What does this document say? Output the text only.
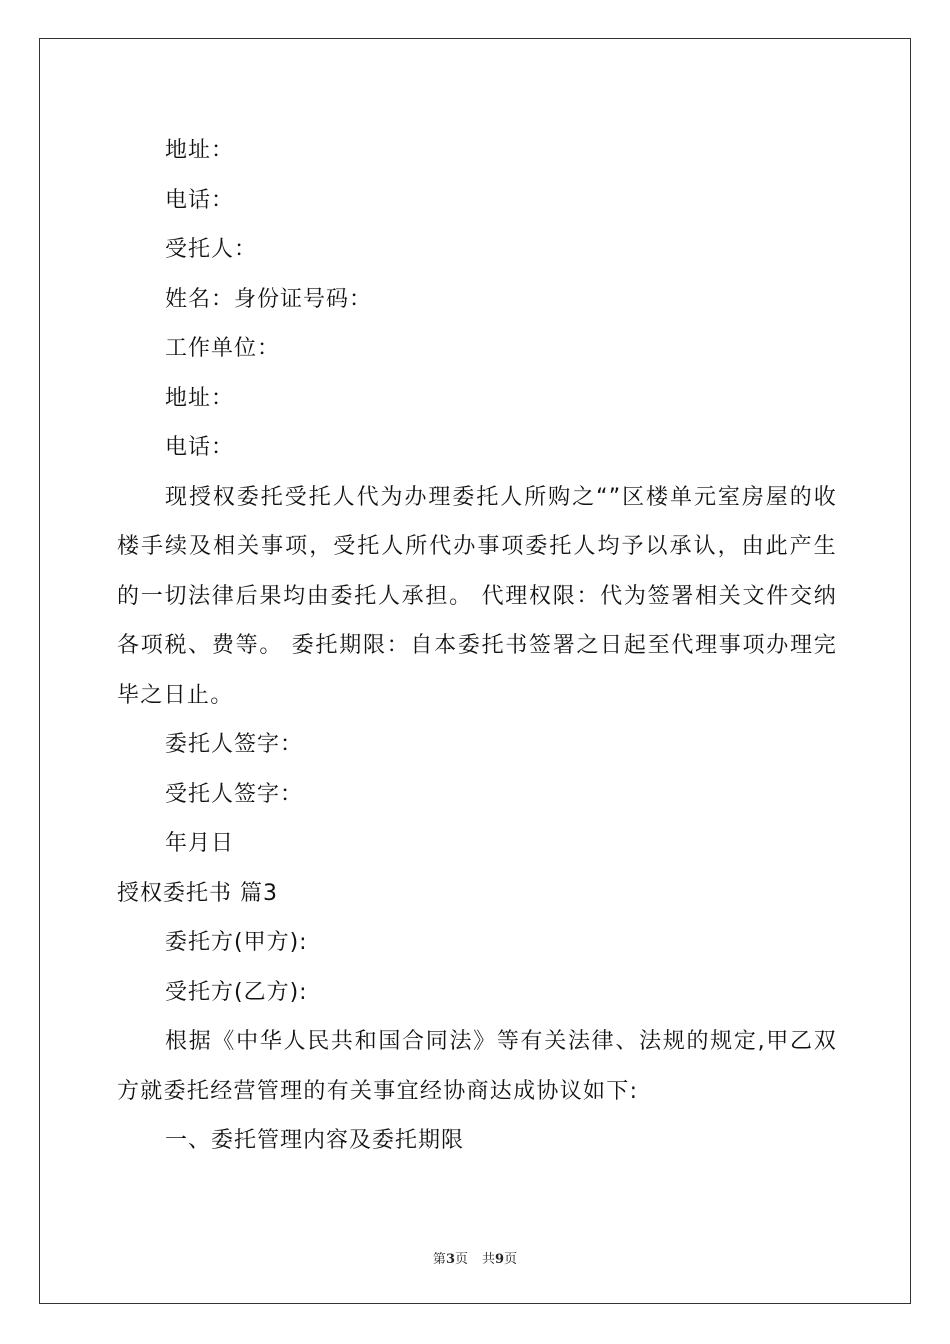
地址：
电话：
受托人：
姓名：身份证号码：
工作单位：
地址：
电话：
现授权委托受托人代为办理委托人所购之“”区楼单元室房屋的收楼手续及相关事项，受托人所代办事项委托人均予以承认，由此产生的一切法律后果均由委托人承担。 代理权限：代为签署相关文件交纳各项税、费等。 委托期限：自本委托书签署之日起至代理事项办理完毕之日止。
委托人签字：
受托人签字：
年月日
授权委托书 篇3
委托方(甲方):
受托方(乙方):
根据《中华人民共和国合同法》等有关法律、法规的规定,甲乙双方就委托经营管理的有关事宜经协商达成协议如下:
一、委托管理内容及委托期限
第3页 共9页
